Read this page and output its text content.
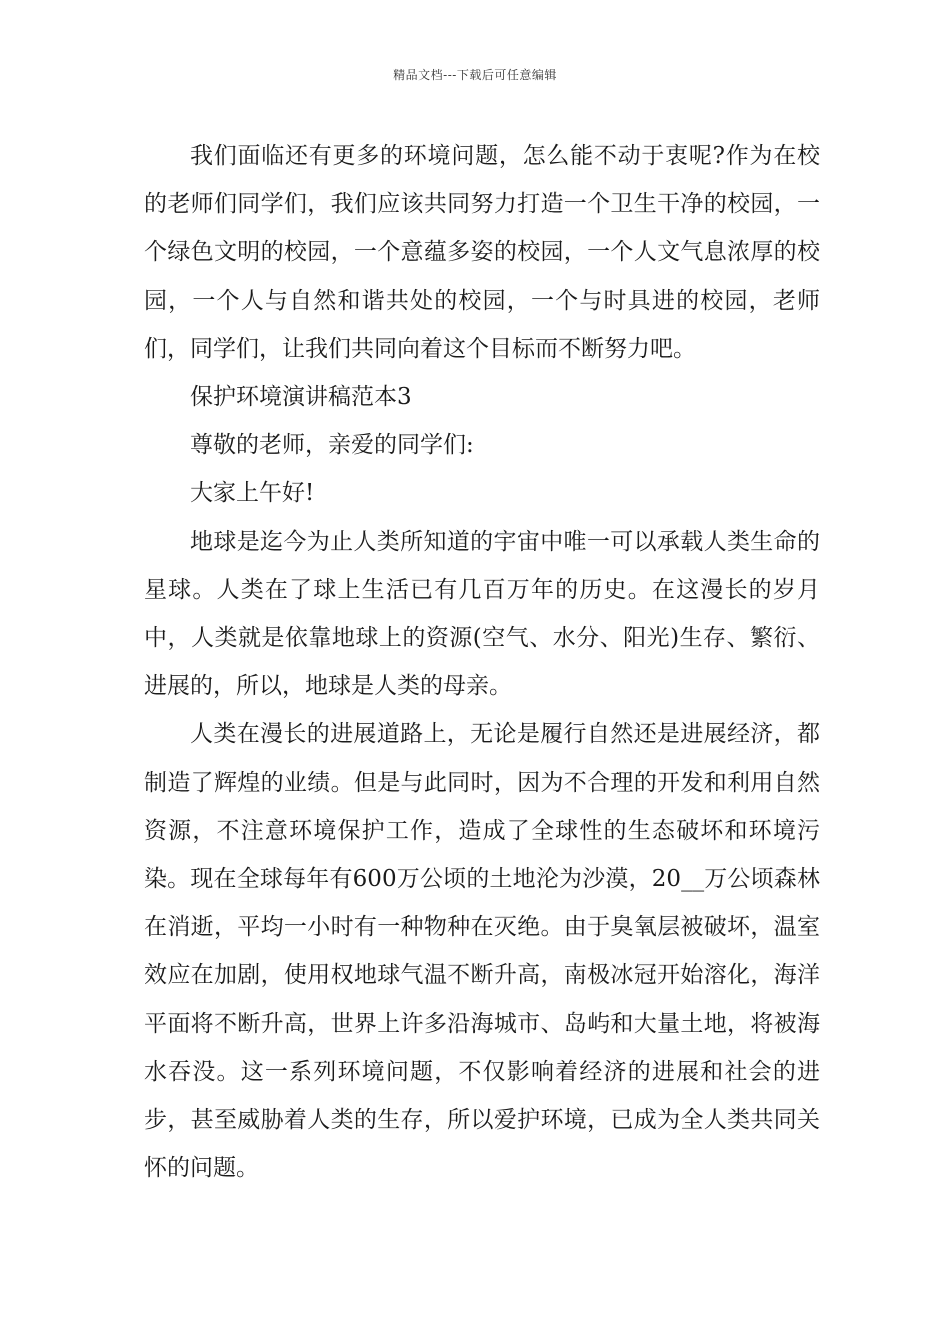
精品文档---下载后可任意编辑

我们面临还有更多的环境问题，怎么能不动于衷呢?作为在校的老师们同学们，我们应该共同努力打造一个卫生干净的校园，一个绿色文明的校园，一个意蕴多姿的校园，一个人文气息浓厚的校园，一个人与自然和谐共处的校园，一个与时具进的校园，老师们，同学们，让我们共同向着这个目标而不断努力吧。

保护环境演讲稿范本3

尊敬的老师，亲爱的同学们:

大家上午好!

地球是迄今为止人类所知道的宇宙中唯一可以承载人类生命的星球。人类在了球上生活已有几百万年的历史。在这漫长的岁月中，人类就是依靠地球上的资源(空气、水分、阳光)生存、繁衍、进展的，所以，地球是人类的母亲。

人类在漫长的进展道路上，无论是履行自然还是进展经济，都制造了辉煌的业绩。但是与此同时，因为不合理的开发和利用自然资源，不注意环境保护工作，造成了全球性的生态破坏和环境污染。现在全球每年有600万公顷的土地沦为沙漠，20__万公顷森林在消逝，平均一小时有一种物种在灭绝。由于臭氧层被破坏，温室效应在加剧，使用权地球气温不断升高，南极冰冠开始溶化，海洋平面将不断升高，世界上许多沿海城市、岛屿和大量土地，将被海水吞没。这一系列环境问题，不仅影响着经济的进展和社会的进步，甚至威胁着人类的生存，所以爱护环境，已成为全人类共同关怀的问题。
